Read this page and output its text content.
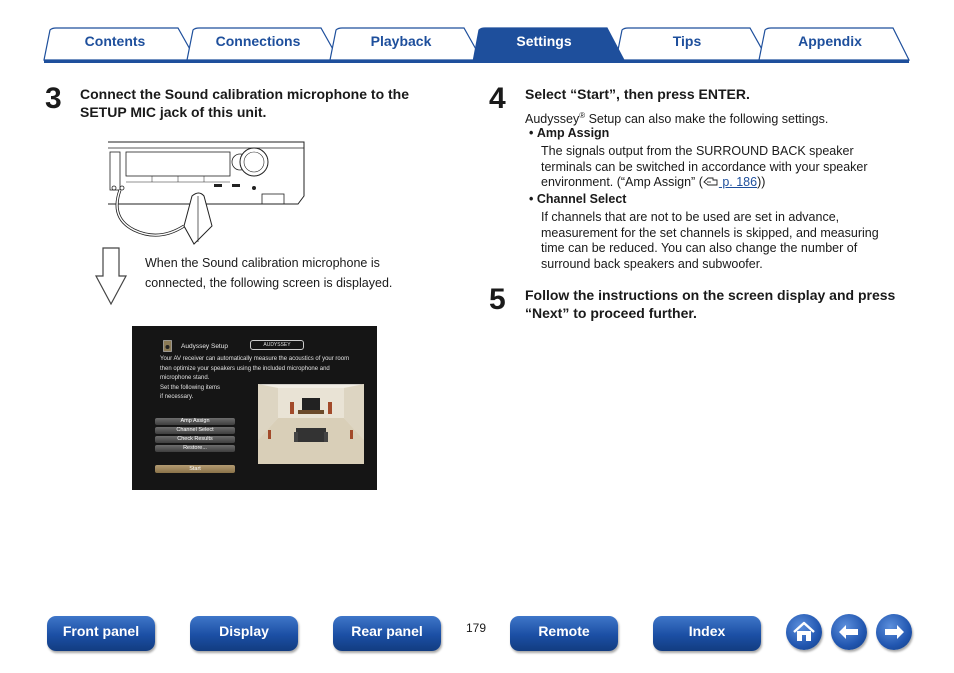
Contents	Connections	Playback	Settings	Tips	Appendix
3 Connect the Sound calibration microphone to the
SETUP MIC jack of this unit.
When the Sound calibration microphone is
connected, the following screen is displayed.
Audyssey Setup	AUDYSSEY
Your AV receiver can automatically measure the acoustics of your room then optimize your speakers using the included microphone and microphone stand.
Set the following items
if necessary.
Amp Assign
Channel Select
Check Results
Restore...
Start
4 Select “Start”, then press ENTER.
Audyssey® Setup can also make the following settings.
• Amp Assign
The signals output from the SURROUND BACK speaker
terminals can be switched in accordance with your speaker
environment. (“Amp Assign” ( p. 186))
• Channel Select
If channels that are not to be used are set in advance,
measurement for the set channels is skipped, and measuring
time can be reduced. You can also change the number of
surround back speakers and subwoofer.
5 Follow the instructions on the screen display and press
“Next” to proceed further.
Front panel	Display	Rear panel	179	Remote	Index
